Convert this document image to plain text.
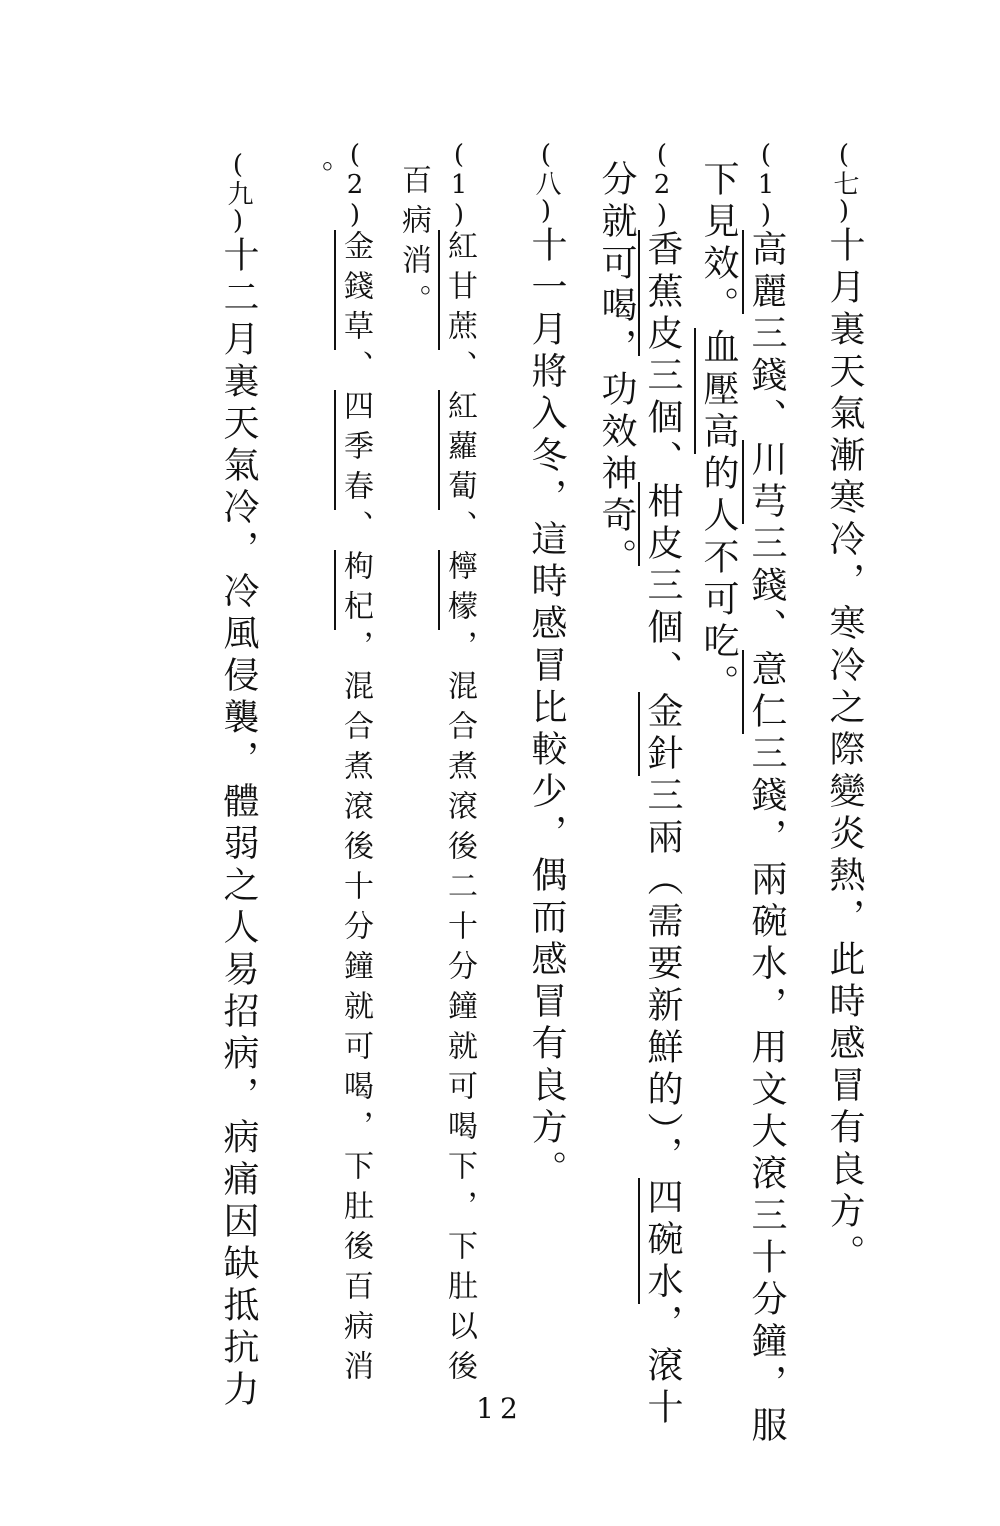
(七)十月裏天氣漸寒冷，寒冷之際變炎熱，此時感冒有良方。
(1)高麗三錢、川芎三錢、意仁三錢，兩碗水，用文大滾三十分鐘，服
下見效。血壓高的人不可吃。
(2)香蕉皮三個、柑皮三個、金針三兩（需要新鮮的），四碗水，滾十
分就可喝，功效神奇。
(八)十一月將入冬，這時感冒比較少，偶而感冒有良方。
(1)紅甘蔗、紅蘿蔔、檸檬，混合煮滾後二十分鐘就可喝下，下肚以後
百病消。
(2)金錢草、四季春、枸杞，混合煮滾後十分鐘就可喝，下肚後百病消
。
(九)十二月裏天氣冷，冷風侵襲，體弱之人易招病，病痛因缺抵抗力	12
